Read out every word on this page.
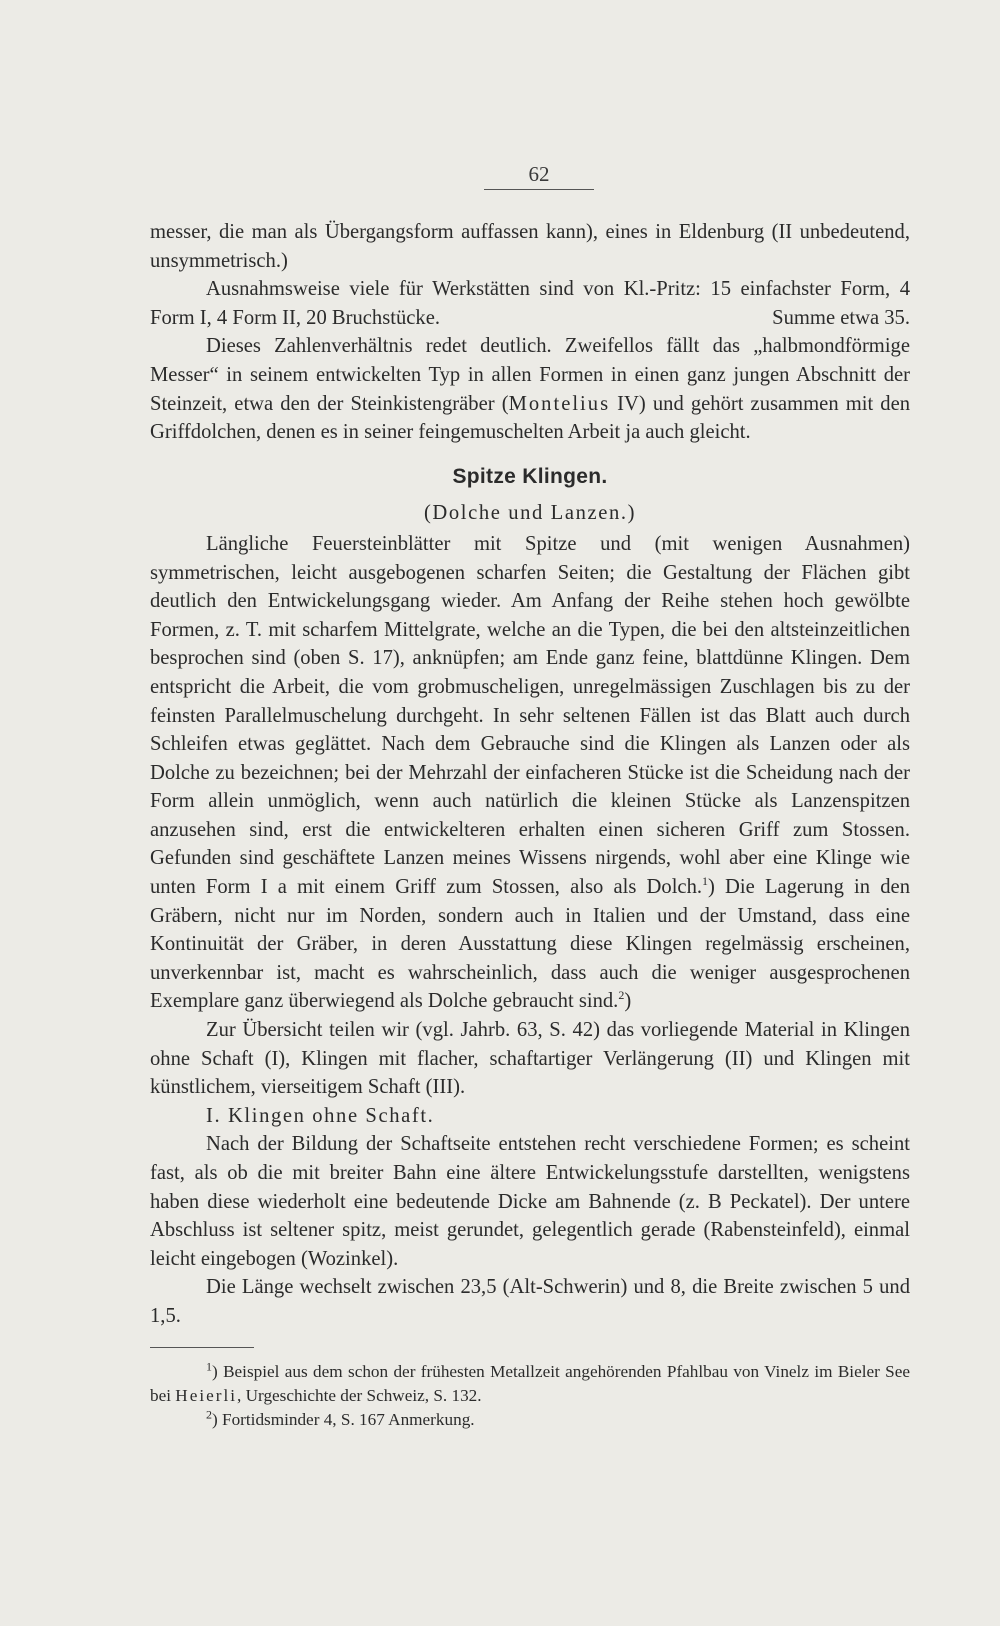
62

messer, die man als Übergangsform auffassen kann), eines in Eldenburg (II unbedeutend, unsymmetrisch.)

Ausnahmsweise viele für Werkstätten sind von Kl.-Pritz: 15 einfachster Form, 4 Form I, 4 Form II, 20 Bruchstücke.	Summe etwa 35.

Dieses Zahlenverhältnis redet deutlich. Zweifellos fällt das „halbmondförmige Messer“ in seinem entwickelten Typ in allen Formen in einen ganz jungen Abschnitt der Steinzeit, etwa den der Steinkistengräber (Montelius IV) und gehört zusammen mit den Griffdolchen, denen es in seiner feingemuschelten Arbeit ja auch gleicht.

Spitze Klingen.
(Dolche und Lanzen.)

Längliche Feuersteinblätter mit Spitze und (mit wenigen Ausnahmen) symmetrischen, leicht ausgebogenen scharfen Seiten; die Gestaltung der Flächen gibt deutlich den Entwickelungsgang wieder. Am Anfang der Reihe stehen hoch gewölbte Formen, z. T. mit scharfem Mittelgrate, welche an die Typen, die bei den altsteinzeitlichen besprochen sind (oben S. 17), anknüpfen; am Ende ganz feine, blattdünne Klingen. Dem entspricht die Arbeit, die vom grobmuscheligen, unregelmässigen Zuschlagen bis zu der feinsten Parallelmuschelung durchgeht. In sehr seltenen Fällen ist das Blatt auch durch Schleifen etwas geglättet. Nach dem Gebrauche sind die Klingen als Lanzen oder als Dolche zu bezeichnen; bei der Mehrzahl der einfacheren Stücke ist die Scheidung nach der Form allein unmöglich, wenn auch natürlich die kleinen Stücke als Lanzenspitzen anzusehen sind, erst die entwickelteren erhalten einen sicheren Griff zum Stossen. Gefunden sind geschäftete Lanzen meines Wissens nirgends, wohl aber eine Klinge wie unten Form I a mit einem Griff zum Stossen, also als Dolch.$^1$) Die Lagerung in den Gräbern, nicht nur im Norden, sondern auch in Italien und der Umstand, dass eine Kontinuität der Gräber, in deren Ausstattung diese Klingen regelmässig erscheinen, unverkennbar ist, macht es wahrscheinlich, dass auch die weniger ausgesprochenen Exemplare ganz überwiegend als Dolche gebraucht sind.$^2$)

Zur Übersicht teilen wir (vgl. Jahrb. 63, S. 42) das vorliegende Material in Klingen ohne Schaft (I), Klingen mit flacher, schaftartiger Verlängerung (II) und Klingen mit künstlichem, vierseitigem Schaft (III).

I. Klingen ohne Schaft.

Nach der Bildung der Schaftseite entstehen recht verschiedene Formen; es scheint fast, als ob die mit breiter Bahn eine ältere Entwickelungsstufe darstellten, wenigstens haben diese wiederholt eine bedeutende Dicke am Bahnende (z. B Peckatel). Der untere Abschluss ist seltener spitz, meist gerundet, gelegentlich gerade (Rabensteinfeld), einmal leicht eingebogen (Wozinkel).

Die Länge wechselt zwischen 23,5 (Alt-Schwerin) und 8, die Breite zwischen 5 und 1,5.

$^1$) Beispiel aus dem schon der frühesten Metallzeit angehörenden Pfahlbau von Vinelz im Bieler See bei Heierli, Urgeschichte der Schweiz, S. 132.

$^2$) Fortidsminder 4, S. 167 Anmerkung.
